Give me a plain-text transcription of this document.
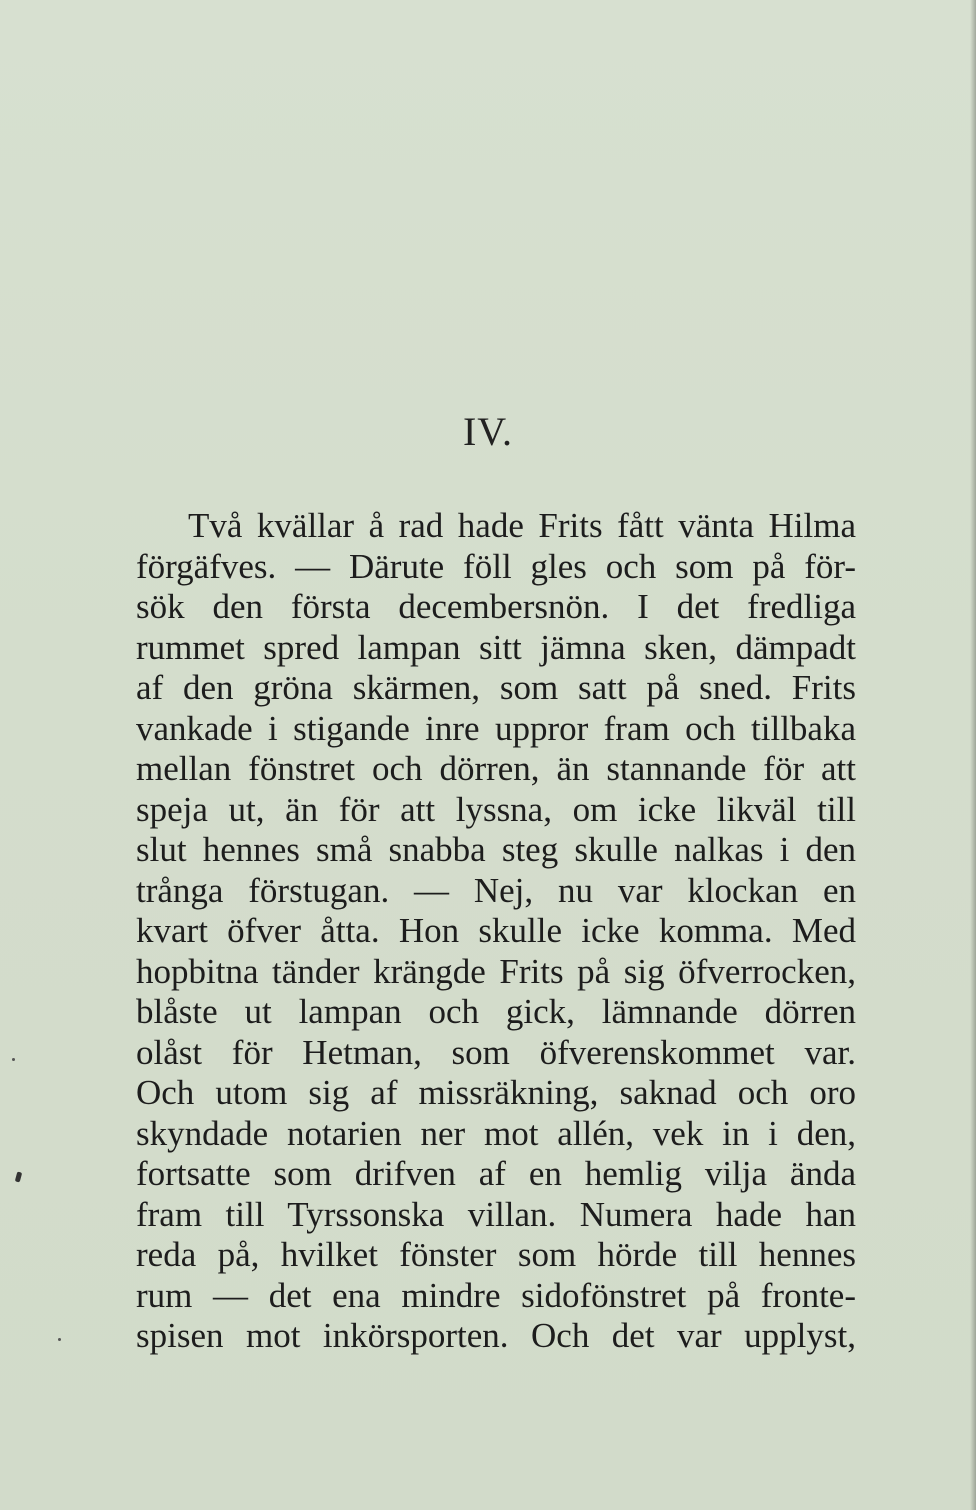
IV.
Två kvällar å rad hade Frits fått vänta Hilma
förgäfves. — Därute föll gles och som på för-
sök den första decembersnön. I det fredliga
rummet spred lampan sitt jämna sken, dämpadt
af den gröna skärmen, som satt på sned. Frits
vankade i stigande inre uppror fram och tillbaka
mellan fönstret och dörren, än stannande för att
speja ut, än för att lyssna, om icke likväl till
slut hennes små snabba steg skulle nalkas i den
trånga förstugan. — Nej, nu var klockan en
kvart öfver åtta. Hon skulle icke komma. Med
hopbitna tänder krängde Frits på sig öfverrocken,
blåste ut lampan och gick, lämnande dörren
olåst för Hetman, som öfverenskommet var.
Och utom sig af missräkning, saknad och oro
skyndade notarien ner mot allén, vek in i den,
fortsatte som drifven af en hemlig vilja ända
fram till Tyrssonska villan. Numera hade han
reda på, hvilket fönster som hörde till hennes
rum — det ena mindre sidofönstret på fronte-
spisen mot inkörsporten. Och det var upplyst,
